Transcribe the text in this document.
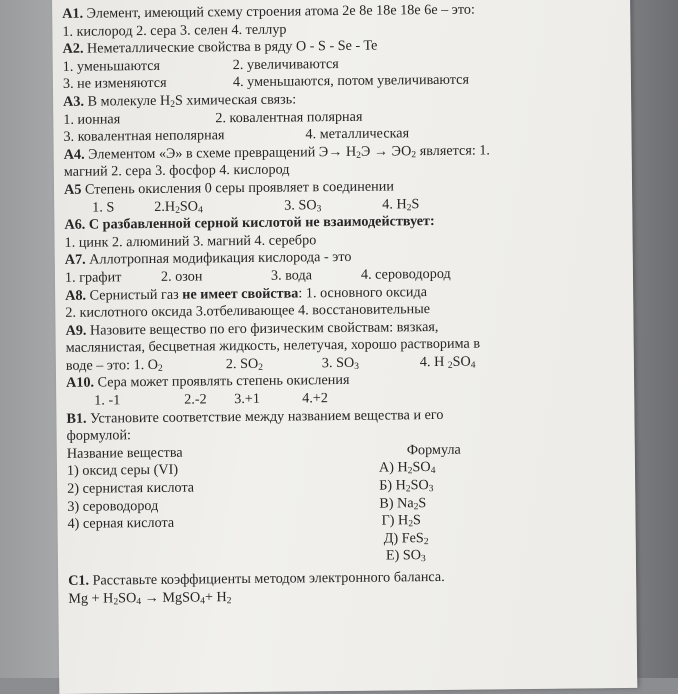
А1. Элемент, имеющий схему строения атома 2е 8е 18е 18е 6е – это:
1. кислород 2. сера 3. селен 4. теллур
А2. Неметаллические свойства в ряду О - S - Se - Te
1. уменьшаются	2. увеличиваются
3. не изменяются	4. уменьшаются, потом увеличиваются
А3. В молекуле $H_2S$ химическая связь:
1. ионная	2. ковалентная полярная
3. ковалентная неполярная	4. металлическая
А4. Элементом «Э» в схеме превращений $Э\to H_2Э \to ЭО_2$ является: 1.
магний 2. сера 3. фосфор 4. кислород
А5 Степень окисления 0 серы проявляет в соединении
1. S	$2.H_2SO_4$	3. $SO_3$	4. $H_2S$
А6. С разбавленной серной кислотой не взаимодействует:
1. цинк 2. алюминий 3. магний 4. серебро
А7. Аллотропная модификация кислорода - это
1. графит	2. озон	3. вода	4. сероводород
А8. Сернистый газ не имеет свойства: 1. основного оксида
2. кислотного оксида 3.отбеливающее 4. восстановительные
А9. Назовите вещество по его физическим свойствам: вязкая,
маслянистая, бесцветная жидкость, нелетучая, хорошо растворима в
воде – это: 1. $O_2$	2. $SO_2$	3. $SO_3$	4. H $_2SO_4$
А10. Сера может проявлять степень окисления
1. -1	2.-2 3.+1	4.+2
В1. Установите соответствие между названием вещества и его
формулой:
Название вещества	Формула
1) оксид серы (VI)	А) $H_2SO_4$
2) сернистая кислота	Б) $H_2SO_3$
3) сероводород	В) $Na_2S$
4) серная кислота	Г) $H_2S$
Д) FeS$_2$
Е) $SO_3$
С1. Расставьте коэффициенты методом электронного баланса.
$Mg + H_2SO_4$ → MgSO$_4$+ $H_2$
